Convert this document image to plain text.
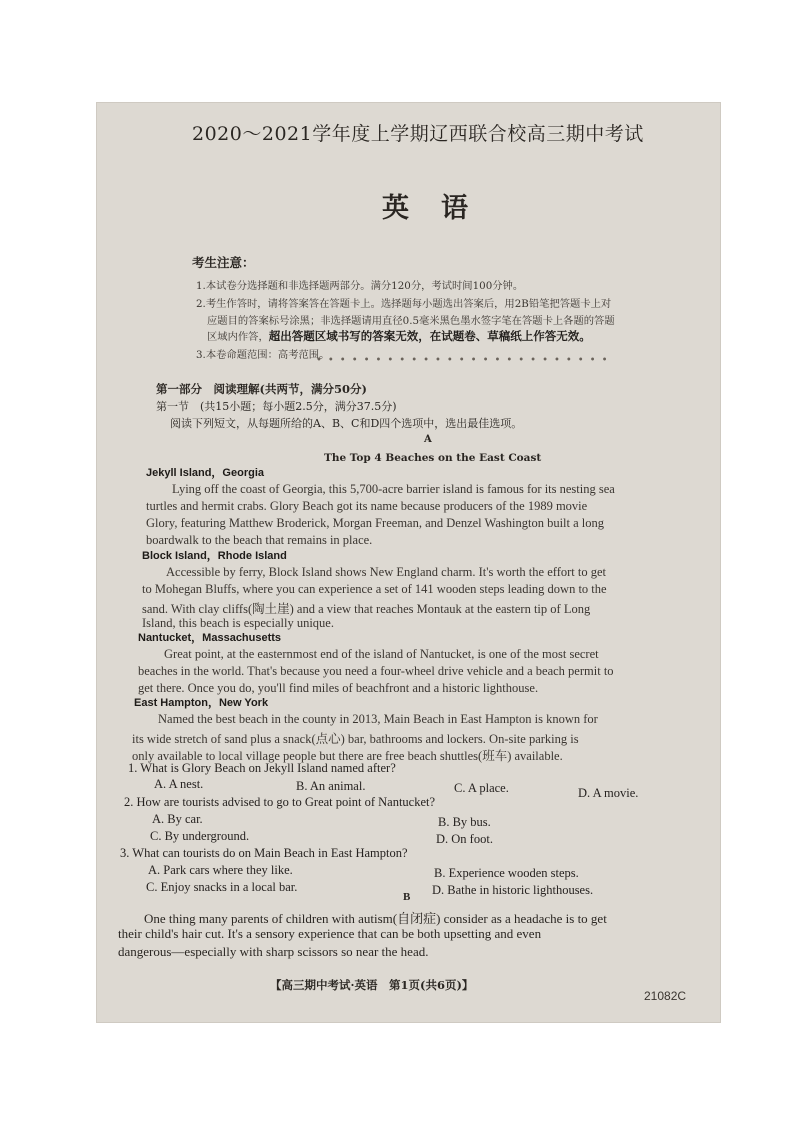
2020～2021学年度上学期辽西联合校高三期中考试
英语
考生注意：
1.本试卷分选择题和非选择题两部分。满分120分，考试时间100分钟。
2.考生作答时，请将答案答在答题卡上。选择题每小题选出答案后，用2B铅笔把答题卡上对
应题目的答案标号涂黑；非选择题请用直径0.5毫米黑色墨水签字笔在答题卡上各题的答题
区域内作答，超出答题区域书写的答案无效，在试题卷、草稿纸上作答无效。
3.本卷命题范围：高考范围。
•••••••••••••••••••••••••
第一部分　阅读理解(共两节，满分50分)
第一节　(共15小题；每小题2.5分，满分37.5分)
阅读下列短文，从每题所给的A、B、C和D四个选项中，选出最佳选项。
A
The Top 4 Beaches on the East Coast
Jekyll Island，Georgia
Lying off the coast of Georgia, this 5,700-acre barrier island is famous for its nesting sea
turtles and hermit crabs. Glory Beach got its name because producers of the 1989 movie
Glory, featuring Matthew Broderick, Morgan Freeman, and Denzel Washington built a long
boardwalk to the beach that remains in place.
Block Island，Rhode Island
Accessible by ferry, Block Island shows New England charm. It's worth the effort to get
to Mohegan Bluffs, where you can experience a set of 141 wooden steps leading down to the
sand. With clay cliffs(陶土崖) and a view that reaches Montauk at the eastern tip of Long
Island, this beach is especially unique.
Nantucket，Massachusetts
Great point, at the easternmost end of the island of Nantucket, is one of the most secret
beaches in the world. That's because you need a four-wheel drive vehicle and a beach permit to
get there. Once you do, you'll find miles of beachfront and a historic lighthouse.
East Hampton，New York
Named the best beach in the county in 2013, Main Beach in East Hampton is known for
its wide stretch of sand plus a snack(点心) bar, bathrooms and lockers. On-site parking is
only available to local village people but there are free beach shuttles(班车) available.
1. What is Glory Beach on Jekyll Island named after?
A. A nest.	B. An animal.	C. A place.	D. A movie.
2. How are tourists advised to go to Great point of Nantucket?
A. By car.	B. By bus.
C. By underground.	D. On foot.
3. What can tourists do on Main Beach in East Hampton?
A. Park cars where they like.	B. Experience wooden steps.
C. Enjoy snacks in a local bar.	D. Bathe in historic lighthouses.
B
One thing many parents of children with autism(自闭症) consider as a headache is to get
their child's hair cut. It's a sensory experience that can be both upsetting and even
dangerous—especially with sharp scissors so near the head.
【高三期中考试·英语　第1页(共6页)】
21082C
